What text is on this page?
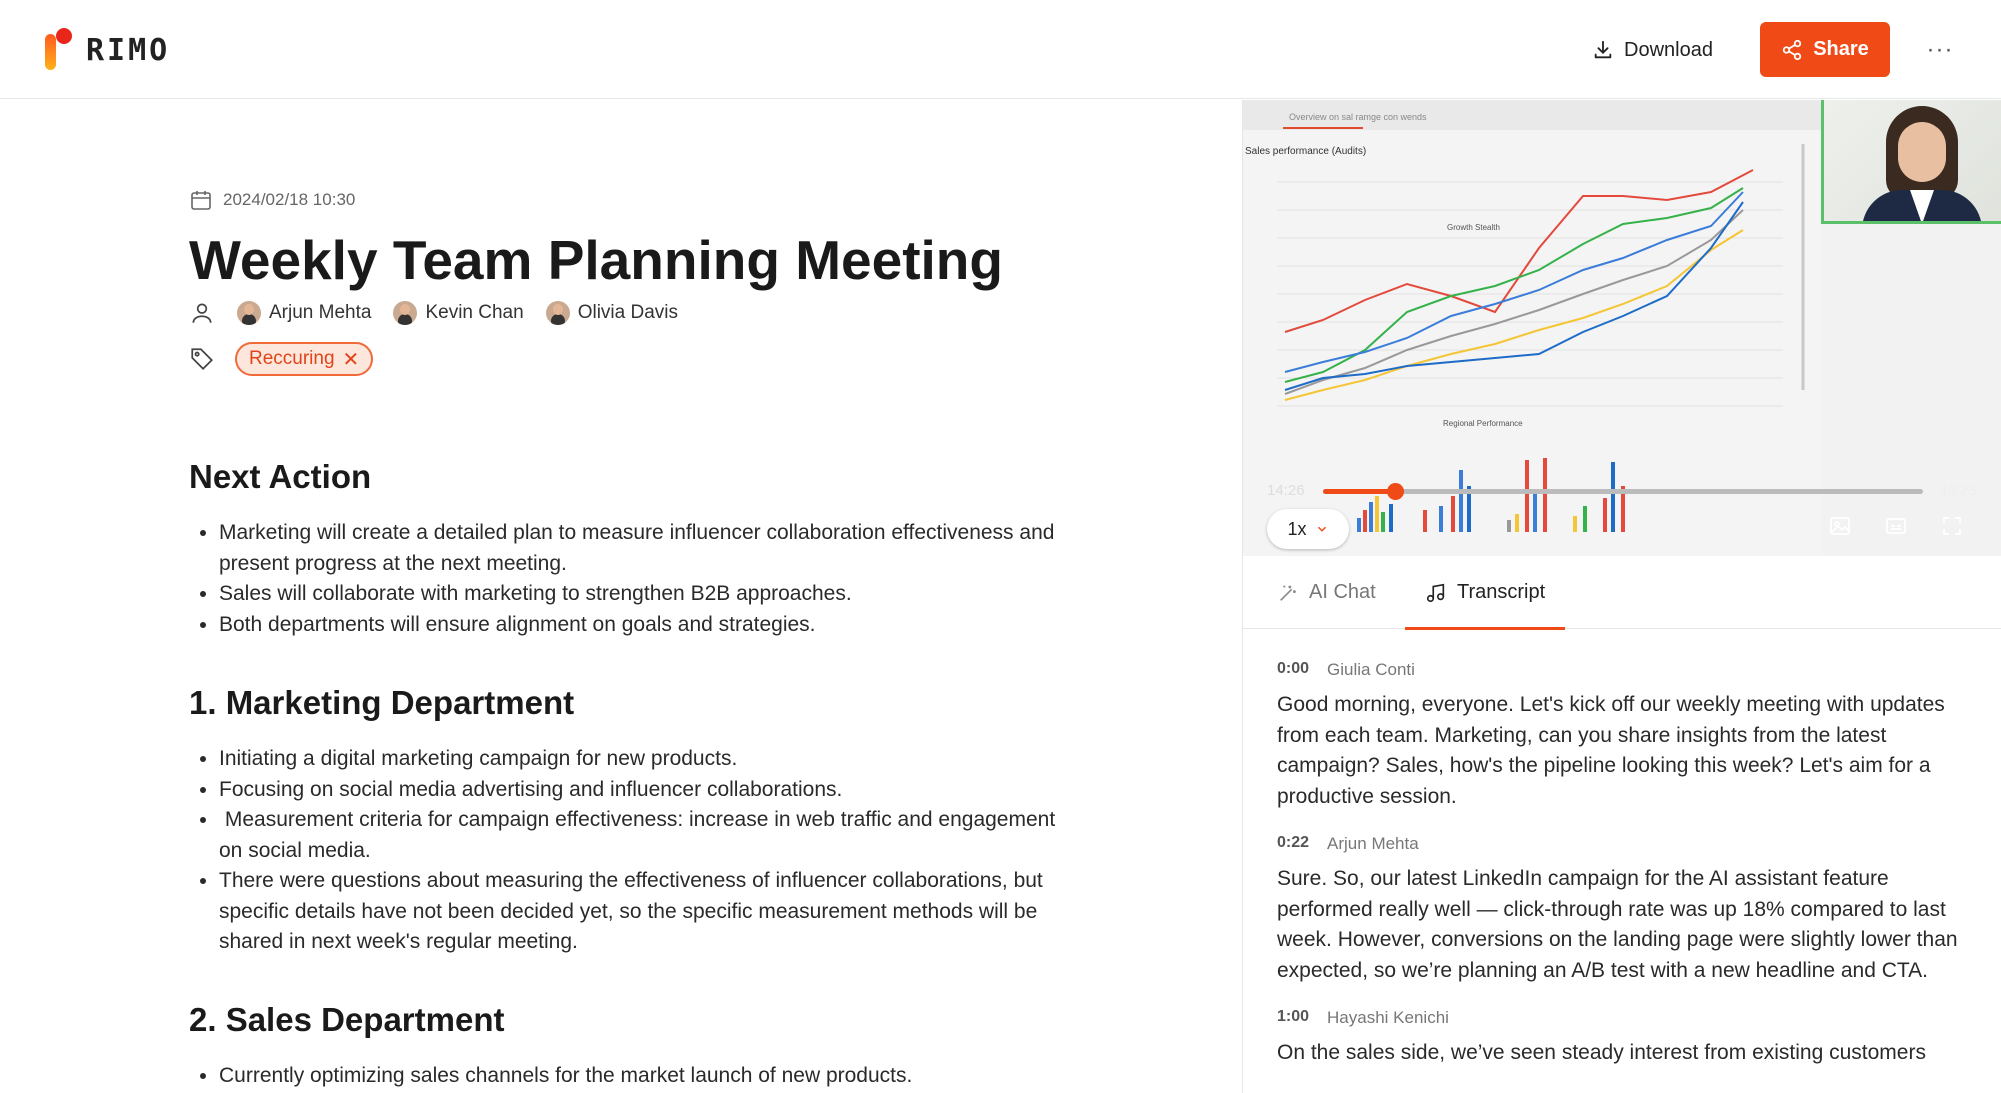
RIMO	Download	Share ···
2024/02/18 10:30
Weekly Team Planning Meeting
Arjun Mehta	Kevin Chan	Olivia Davis
Reccuring ✕
Next Action
• Marketing will create a detailed plan to measure influencer collaboration effectiveness and present progress at the next meeting.
• Sales will collaborate with marketing to strengthen B2B approaches.
• Both departments will ensure alignment on goals and strategies.
1. Marketing Department
• Initiating a digital marketing campaign for new products.
• Focusing on social media advertising and influencer collaborations.
•  Measurement criteria for campaign effectiveness: increase in web traffic and engagement on social media.
• There were questions about measuring the effectiveness of influencer collaborations, but specific details have not been decided yet, so the specific measurement methods will be shared in next week's regular meeting.
2. Sales Department
• Currently optimizing sales channels for the market launch of new products.
Overview on sal ramge con wends
Sales performance (Audits)
Growth Stealth
Regional Performance
14:26	43:23
1x
AI Chat	Transcript
0:00 Giulia Conti
Good morning, everyone. Let's kick off our weekly meeting with updates from each team. Marketing, can you share insights from the latest campaign? Sales, how's the pipeline looking this week? Let's aim for a productive session.
0:22 Arjun Mehta
Sure. So, our latest LinkedIn campaign for the AI assistant feature performed really well — click-through rate was up 18% compared to last week. However, conversions on the landing page were slightly lower than expected, so we’re planning an A/B test with a new headline and CTA.
1:00 Hayashi Kenichi
On the sales side, we’ve seen steady interest from existing customers
